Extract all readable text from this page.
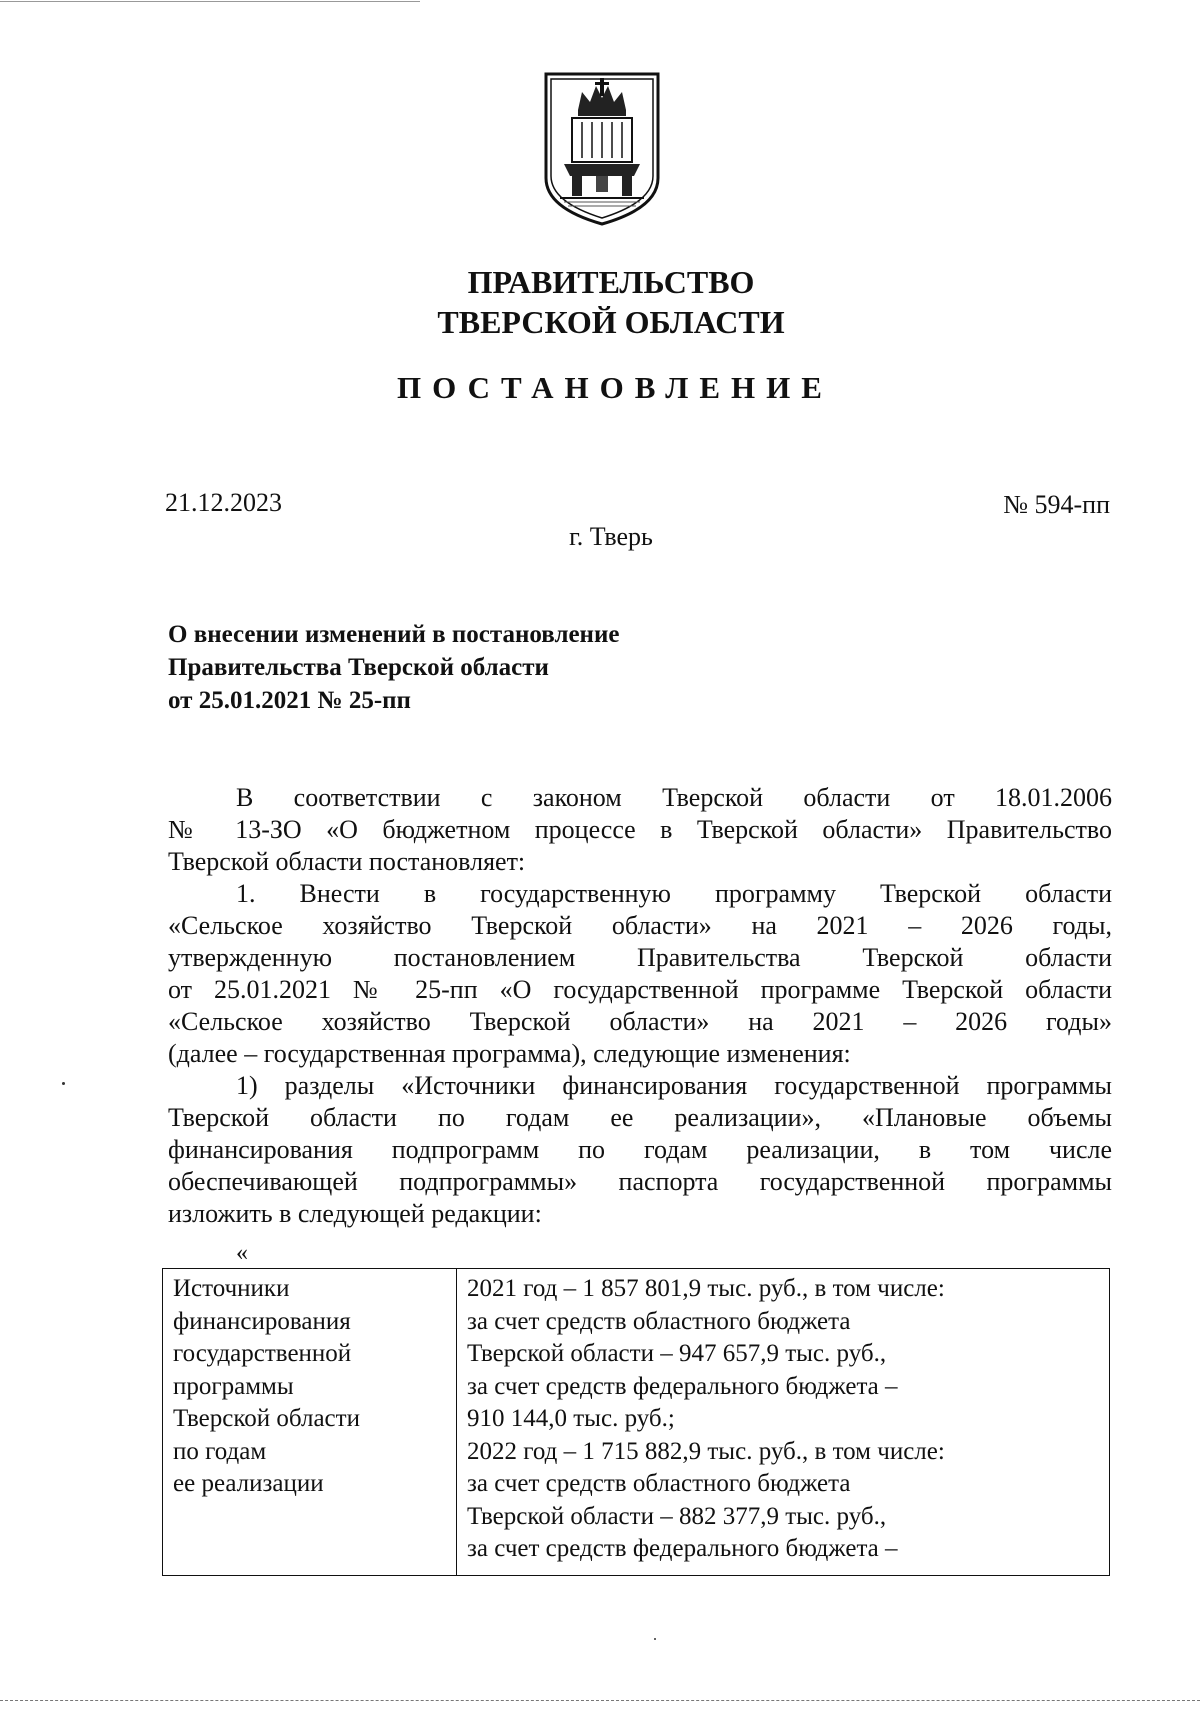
ПРАВИТЕЛЬСТВО
ТВЕРСКОЙ ОБЛАСТИ
ПОСТАНОВЛЕНИЕ
21.12.2023	№ 594-пп
г. Тверь
О внесении изменений в постановление
Правительства Тверской области
от 25.01.2021 № 25-пп
В соответствии с законом Тверской области от 18.01.2006
№ 13-ЗО «О бюджетном процессе в Тверской области» Правительство
Тверской области постановляет:
1. Внести в государственную программу Тверской области
«Сельское хозяйство Тверской области» на 2021 – 2026 годы,
утвержденную постановлением Правительства Тверской области
от 25.01.2021 № 25-пп «О государственной программе Тверской области
«Сельское хозяйство Тверской области» на 2021 – 2026 годы»
(далее – государственная программа), следующие изменения:
1) разделы «Источники финансирования государственной программы
Тверской области по годам ее реализации», «Плановые объемы
финансирования подпрограмм по годам реализации, в том числе
обеспечивающей подпрограммы» паспорта государственной программы
изложить в следующей редакции:
«
Источники
финансирования
государственной
программы
Тверской области
по годам
ее реализации
2021 год – 1 857 801,9 тыс. руб., в том числе:
за счет средств областного бюджета
Тверской области – 947 657,9 тыс. руб.,
за счет средств федерального бюджета –
910 144,0 тыс. руб.;
2022 год – 1 715 882,9 тыс. руб., в том числе:
за счет средств областного бюджета
Тверской области – 882 377,9 тыс. руб.,
за счет средств федерального бюджета –
